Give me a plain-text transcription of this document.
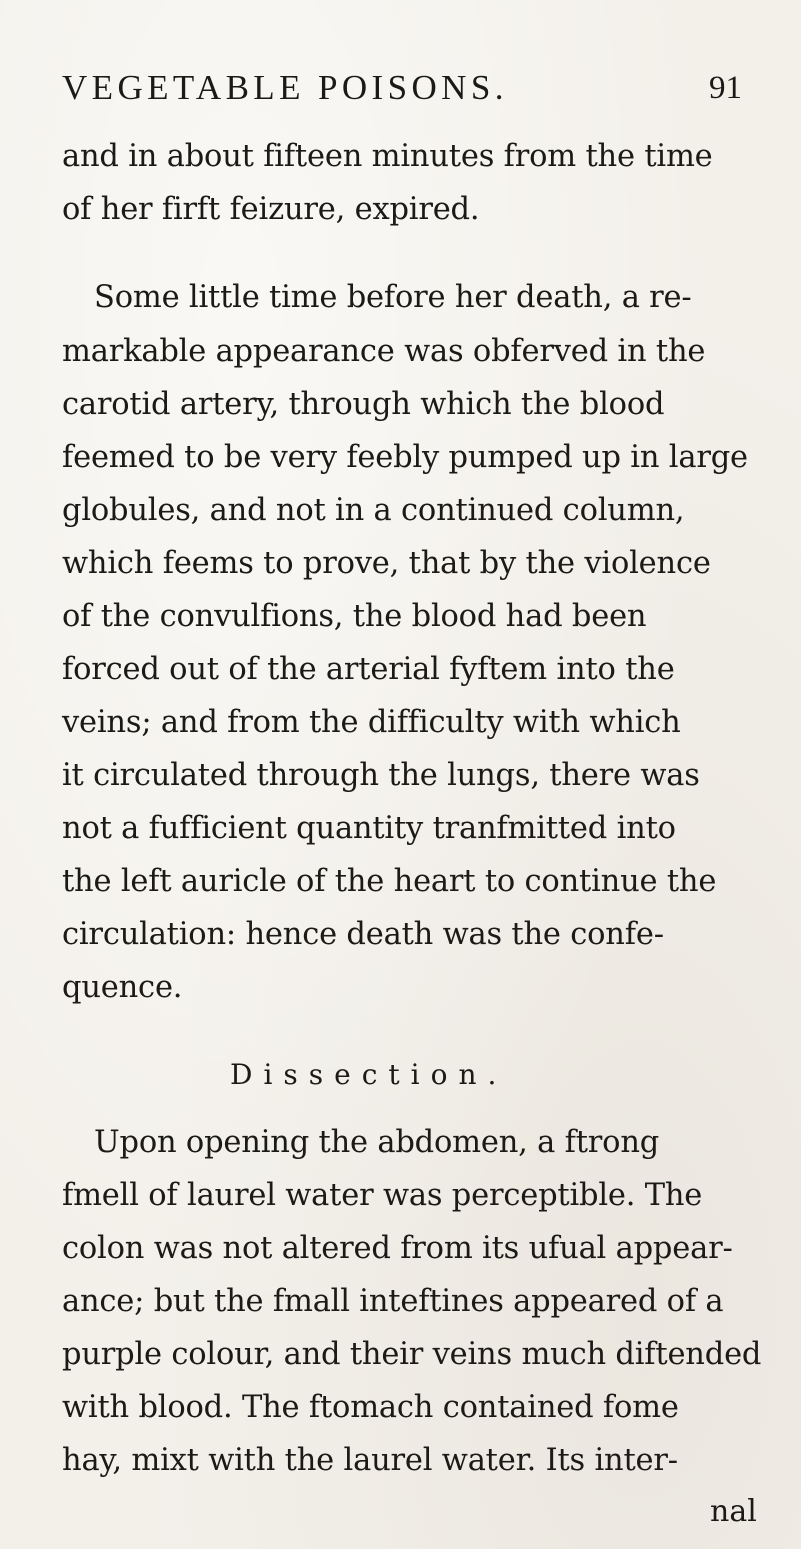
VEGETABLE POISONS.	91
and in about fifteen minutes from the time
of her firft feizure, expired.
Some little time before her death, a re-
markable appearance was obferved in the
carotid artery, through which the blood
feemed to be very feebly pumped up in large
globules, and not in a continued column,
which feems to prove, that by the violence
of the convulfions, the blood had been
forced out of the arterial fyftem into the
veins; and from the difficulty with which
it circulated through the lungs, there was
not a fufficient quantity tranfmitted into
the left auricle of the heart to continue the
circulation: hence death was the confe-
quence.
Dissection.
Upon opening the abdomen, a ftrong
fmell of laurel water was perceptible. The
colon was not altered from its ufual appear-
ance; but the fmall inteftines appeared of a
purple colour, and their veins much diftended
with blood. The ftomach contained fome
hay, mixt with the laurel water. Its inter-
nal
